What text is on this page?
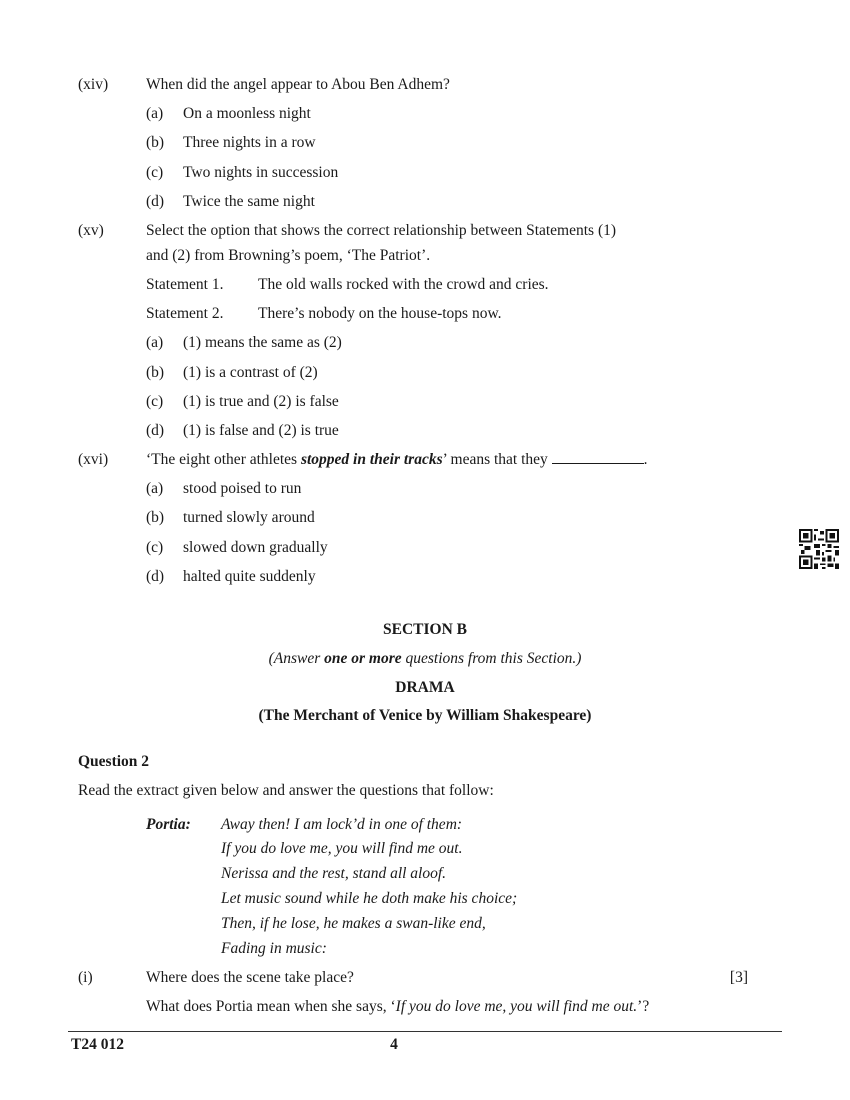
(xiv) When did the angel appear to Abou Ben Adhem?
(a) On a moonless night
(b) Three nights in a row
(c) Two nights in succession
(d) Twice the same night
(xv)	Select the option that shows the correct relationship between Statements (1)
and (2) from Browning’s poem, ‘The Patriot’.
Statement 1. The old walls rocked with the crowd and cries.
Statement 2. There’s nobody on the house-tops now.
(a) (1) means the same as (2)
(b) (1) is a contrast of (2)
(c) (1) is true and (2) is false
(d) (1) is false and (2) is true
(xvi) ‘The eight other athletes stopped in their tracks’ means that they	.
(a) stood poised to run
(b) turned slowly around
(c) slowed down gradually
(d) halted quite suddenly
SECTION B
(Answer one or more questions from this Section.)
DRAMA
(The Merchant of Venice by William Shakespeare)
Question 2
Read the extract given below and answer the questions that follow:
Portia: Away then! I am lock’d in one of them:
If you do love me, you will find me out.
Nerissa and the rest, stand all aloof.
Let music sound while he doth make his choice;
Then, if he lose, he makes a swan-like end,
Fading in music:
(i)	Where does the scene take place?	[3]
What does Portia mean when she says, ‘If you do love me, you will find me out.’?
T24 012	4
